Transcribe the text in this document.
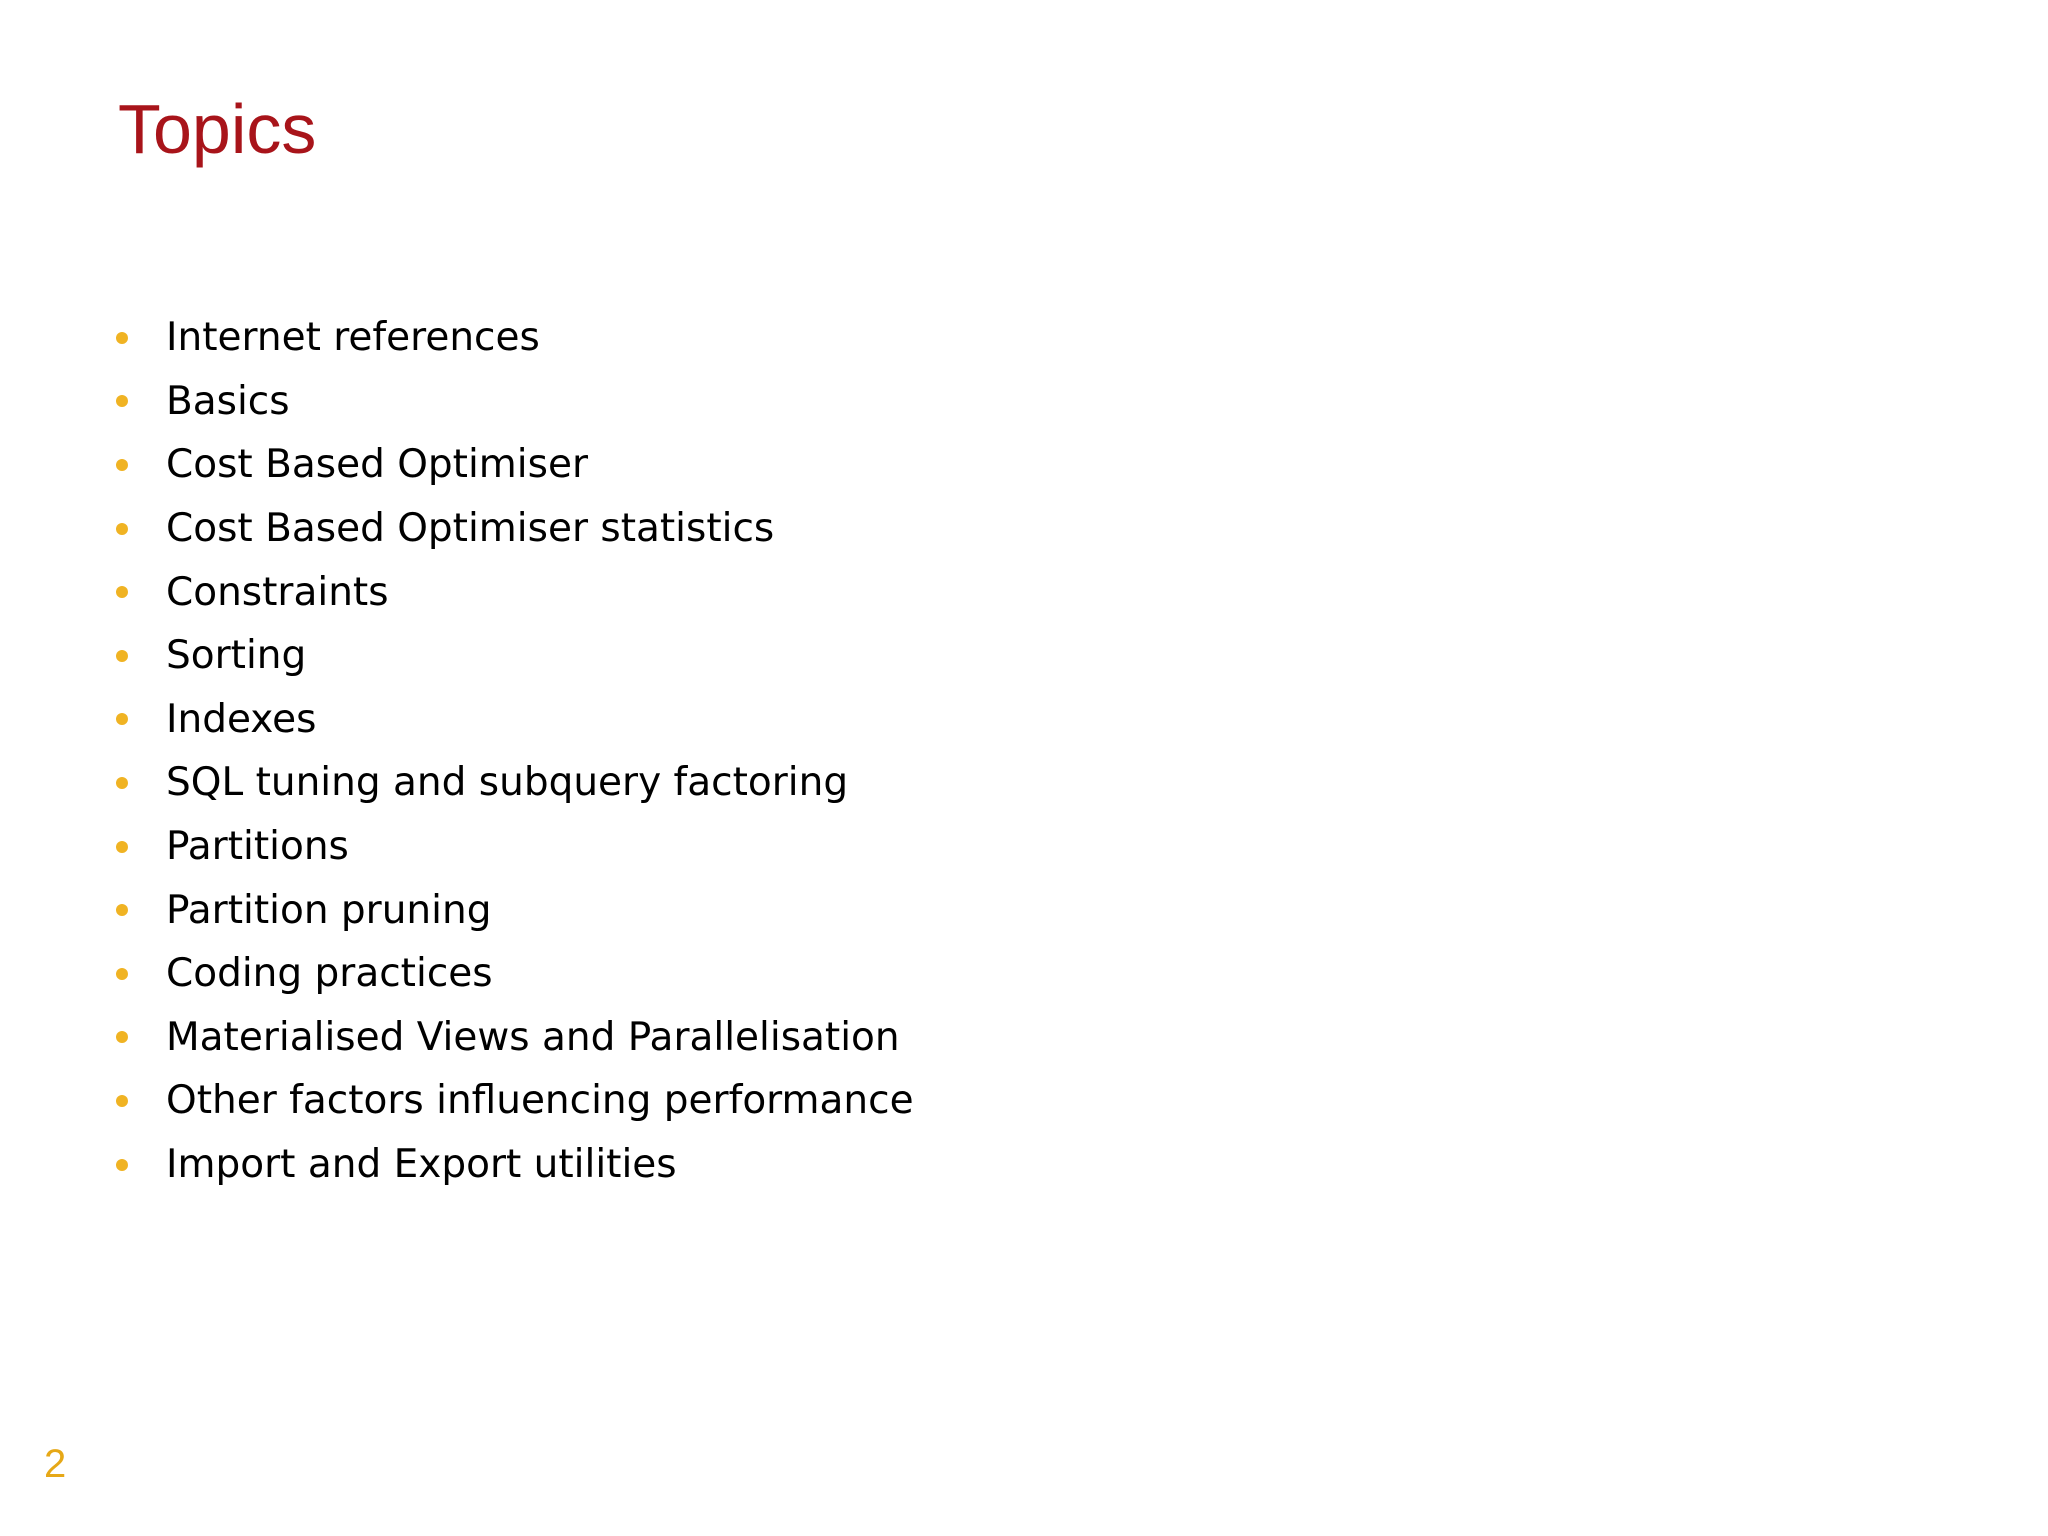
Topics
Internet references
Basics
Cost Based Optimiser
Cost Based Optimiser statistics
Constraints
Sorting
Indexes
SQL tuning and subquery factoring
Partitions
Partition pruning
Coding practices
Materialised Views and Parallelisation
Other factors influencing performance
Import and Export utilities
2
